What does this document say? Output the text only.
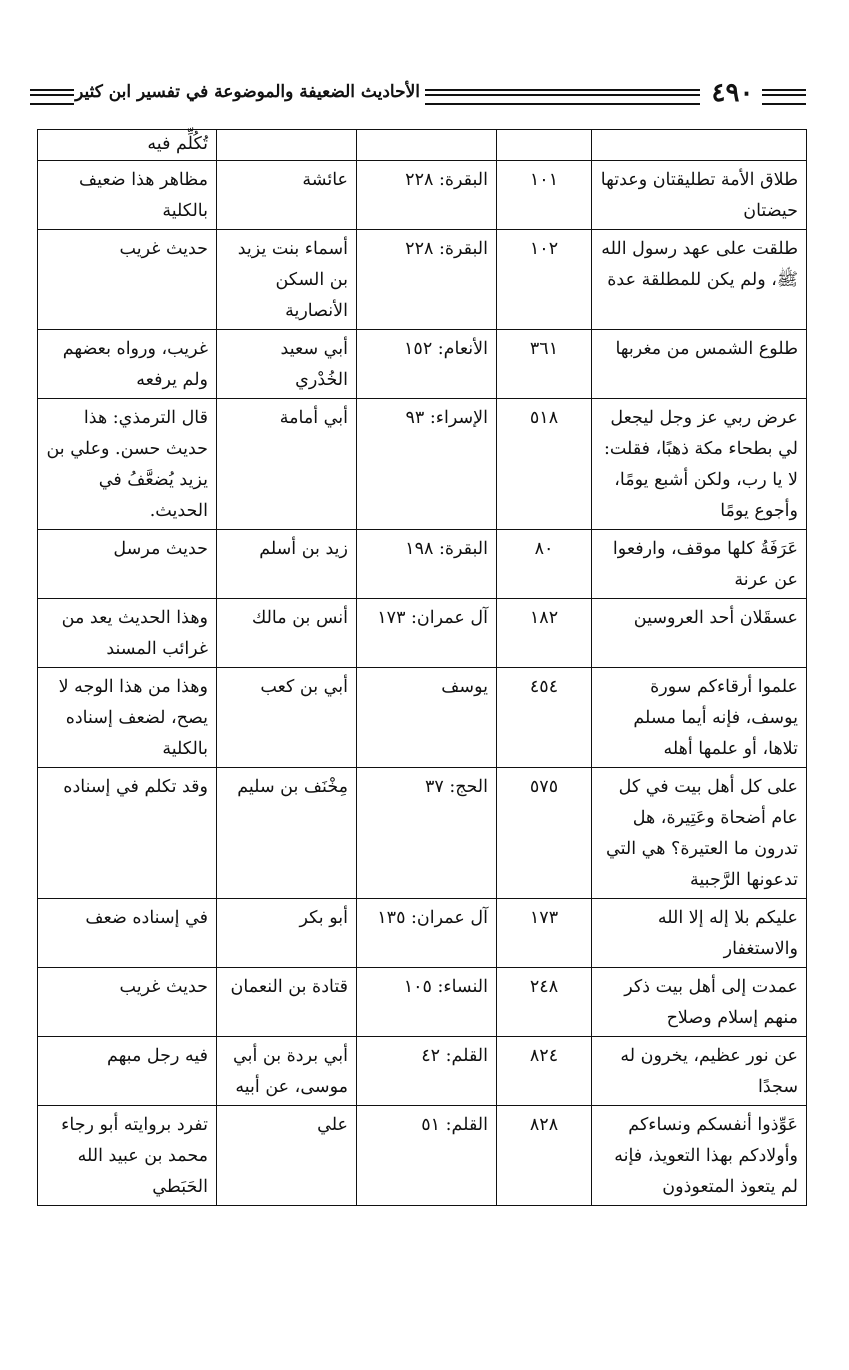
الأحاديث الضعيفة والموضوعة في تفسير ابن كثير	٤٩٠
				تُكُلِّم فيه
طلاق الأمة تطليقتان وعدتها حيضتان	١٠١	البقرة: ٢٢٨	عائشة	مظاهر هذا ضعيف بالكلية
طلقت على عهد رسول الله ﷺ، ولم يكن للمطلقة عدة	١٠٢	البقرة: ٢٢٨	أسماء بنت يزيد بن السكن الأنصارية	حديث غريب
طلوع الشمس من مغربها	٣٦١	الأنعام: ١٥٢	أبي سعيد الخُدْري	غريب، ورواه بعضهم ولم يرفعه
عرض ربي عز وجل ليجعل لي بطحاء مكة ذهبًا، فقلت: لا يا رب، ولكن أشبع يومًا، وأجوع يومًا	٥١٨	الإسراء: ٩٣	أبي أمامة	قال الترمذي: هذا حديث حسن. وعلي بن يزيد يُضعَّفُ في الحديث.
عَرَفَةُ كلها موقف، وارفعوا عن عرنة	٨٠	البقرة: ١٩٨	زيد بن أسلم	حديث مرسل
عسقَلان أحد العروسين	١٨٢	آل عمران: ١٧٣	أنس بن مالك	وهذا الحديث يعد من غرائب المسند
علموا أرقاءكم سورة يوسف، فإنه أيما مسلم تلاها، أو علمها أهله	٤٥٤	يوسف	أبي بن كعب	وهذا من هذا الوجه لا يصح، لضعف إسناده بالكلية
على كل أهل بيت في كل عام أضحاة وعَتِيرة، هل تدرون ما العتيرة؟ هي التي تدعونها الرَّجبية	٥٧٥	الحج: ٣٧	مِخْنَف بن سليم	وقد تكلم في إسناده
عليكم بلا إله إلا الله والاستغفار	١٧٣	آل عمران: ١٣٥	أبو بكر	في إسناده ضعف
عمدت إلى أهل بيت ذكر منهم إسلام وصلاح	٢٤٨	النساء: ١٠٥	قتادة بن النعمان	حديث غريب
عن نور عظيم، يخرون له سجدًا	٨٢٤	القلم: ٤٢	أبي بردة بن أبي موسى، عن أبيه	فيه رجل مبهم
عَوِّذوا أنفسكم ونساءكم وأولادكم بهذا التعويذ، فإنه لم يتعوذ المتعوذون	٨٢٨	القلم: ٥١	علي	تفرد بروايته أبو رجاء محمد بن عبيد الله الحَبَطي
